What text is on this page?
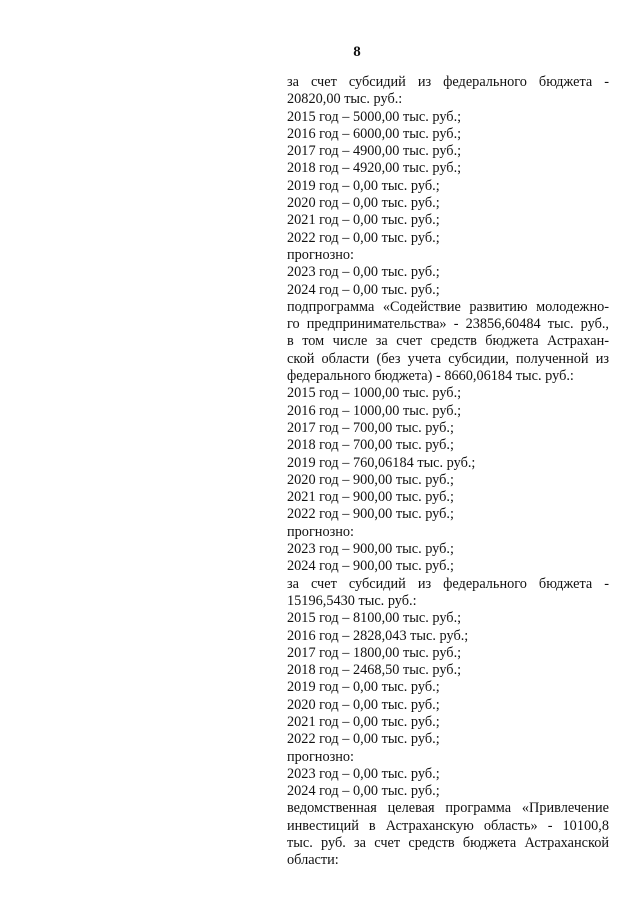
8

за счет субсидий из федерального бюджета -
20820,00 тыс. руб.:
2015 год – 5000,00 тыс. руб.;
2016 год – 6000,00 тыс. руб.;
2017 год – 4900,00 тыс. руб.;
2018 год – 4920,00 тыс. руб.;
2019 год – 0,00 тыс. руб.;
2020 год – 0,00 тыс. руб.;
2021 год – 0,00 тыс. руб.;
2022 год – 0,00 тыс. руб.;
прогнозно:
2023 год – 0,00 тыс. руб.;
2024 год – 0,00 тыс. руб.;
подпрограмма «Содействие развитию молодежно-
го предпринимательства» - 23856,60484 тыс. руб.,
в том числе за счет средств бюджета Астрахан-
ской области (без учета субсидии, полученной из
федерального бюджета) - 8660,06184 тыс. руб.:
2015 год – 1000,00 тыс. руб.;
2016 год – 1000,00 тыс. руб.;
2017 год – 700,00 тыс. руб.;
2018 год – 700,00 тыс. руб.;
2019 год – 760,06184 тыс. руб.;
2020 год – 900,00 тыс. руб.;
2021 год – 900,00 тыс. руб.;
2022 год – 900,00 тыс. руб.;
прогнозно:
2023 год – 900,00 тыс. руб.;
2024 год – 900,00 тыс. руб.;
за счет субсидий из федерального бюджета -
15196,5430 тыс. руб.:
2015 год – 8100,00 тыс. руб.;
2016 год – 2828,043 тыс. руб.;
2017 год – 1800,00 тыс. руб.;
2018 год – 2468,50 тыс. руб.;
2019 год – 0,00 тыс. руб.;
2020 год – 0,00 тыс. руб.;
2021 год – 0,00 тыс. руб.;
2022 год – 0,00 тыс. руб.;
прогнозно:
2023 год – 0,00 тыс. руб.;
2024 год – 0,00 тыс. руб.;
ведомственная целевая программа «Привлечение
инвестиций в Астраханскую область» - 10100,8
тыс. руб. за счет средств бюджета Астраханской
области:
